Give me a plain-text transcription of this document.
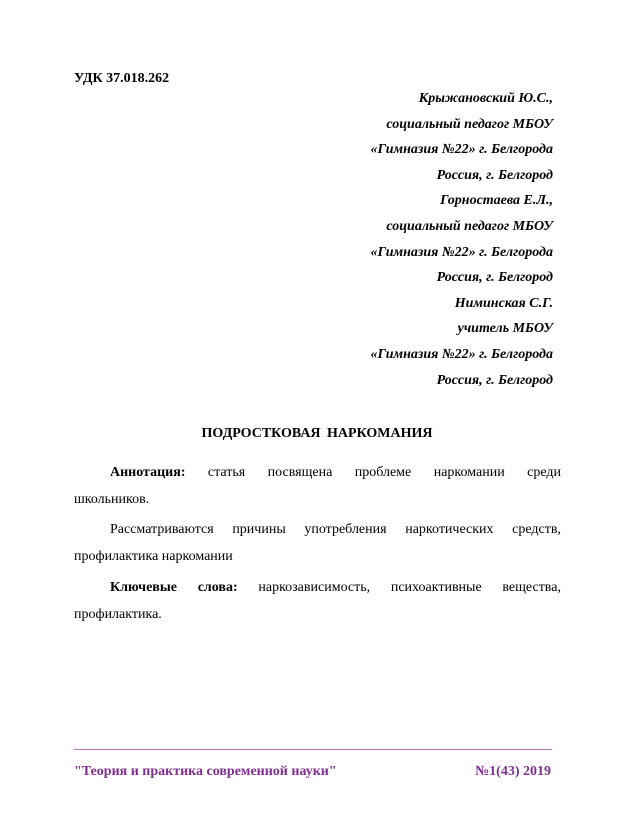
УДК 37.018.262
Крыжановский Ю.С.,
социальный педагог МБОУ
«Гимназия №22» г. Белгорода
Россия, г. Белгород
Горностаева Е.Л.,
социальный педагог МБОУ
«Гимназия №22» г. Белгорода
Россия, г. Белгород
Ниминская С.Г.
учитель МБОУ
«Гимназия №22» г. Белгорода
Россия, г. Белгород
ПОДРОСТКОВАЯ НАРКОМАНИЯ
Аннотация: статья посвящена проблеме наркомании среди
школьников.
Рассматриваются причины употребления наркотических средств,
профилактика наркомании
Ключевые слова: наркозависимость, психоактивные вещества,
профилактика.
"Теория и практика современной науки"	№1(43) 2019
